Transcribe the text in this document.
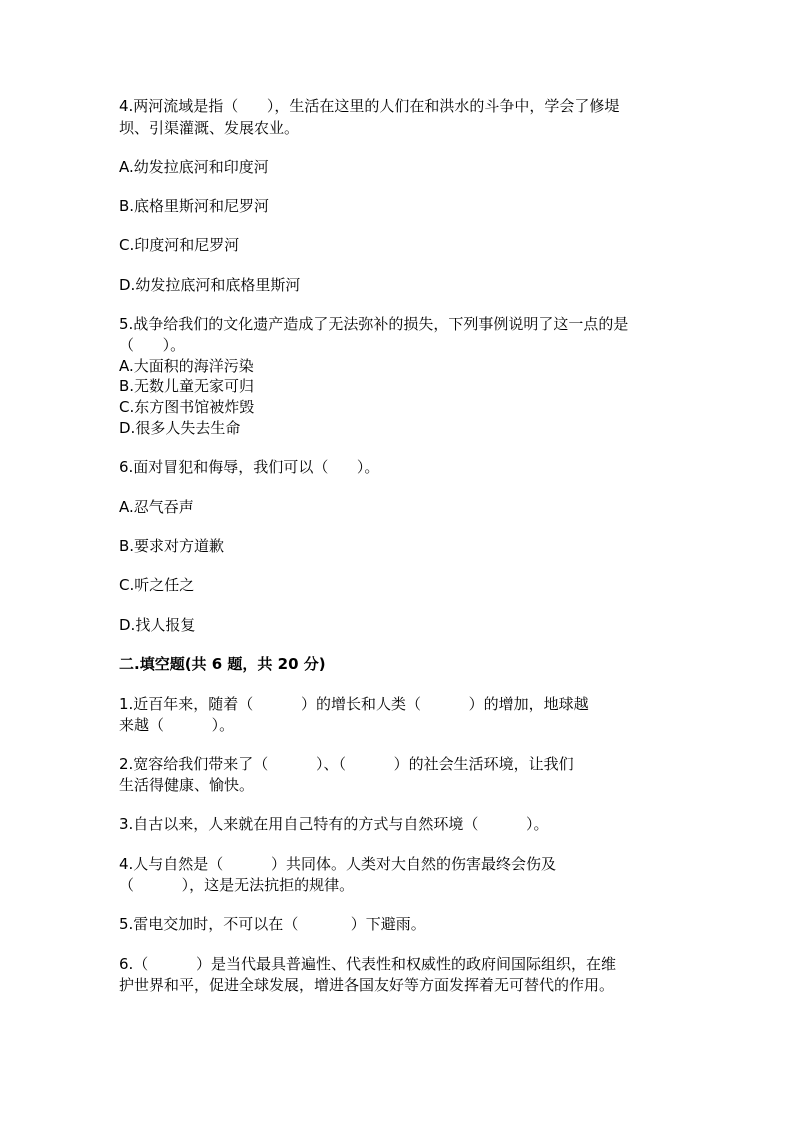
4.两河流域是指（      ），生活在这里的人们在和洪水的斗争中，学会了修堤

坝、引渠灌溉、发展农业。

A.幼发拉底河和印度河

B.底格里斯河和尼罗河

C.印度河和尼罗河

D.幼发拉底河和底格里斯河

5.战争给我们的文化遗产造成了无法弥补的损失，下列事例说明了这一点的是

（      ）。

A.大面积的海洋污染

B.无数儿童无家可归

C.东方图书馆被炸毁

D.很多人失去生命

6.面对冒犯和侮辱，我们可以（      ）。

A.忍气吞声

B.要求对方道歉

C.听之任之

D.找人报复

二.填空题(共 6 题，共 20 分)

1.近百年来，随着（          ）的增长和人类（          ）的增加，地球越

来越（          ）。

2.宽容给我们带来了（          ）、（          ）的社会生活环境，让我们

生活得健康、愉快。

3.自古以来，人来就在用自己特有的方式与自然环境（          ）。

4.人与自然是（          ）共同体。人类对大自然的伤害最终会伤及

（          ），这是无法抗拒的规律。

5.雷电交加时，不可以在（           ）下避雨。

6.（          ）是当代最具普遍性、代表性和权威性的政府间国际组织，在维

护世界和平，促进全球发展，增进各国友好等方面发挥着无可替代的作用。
